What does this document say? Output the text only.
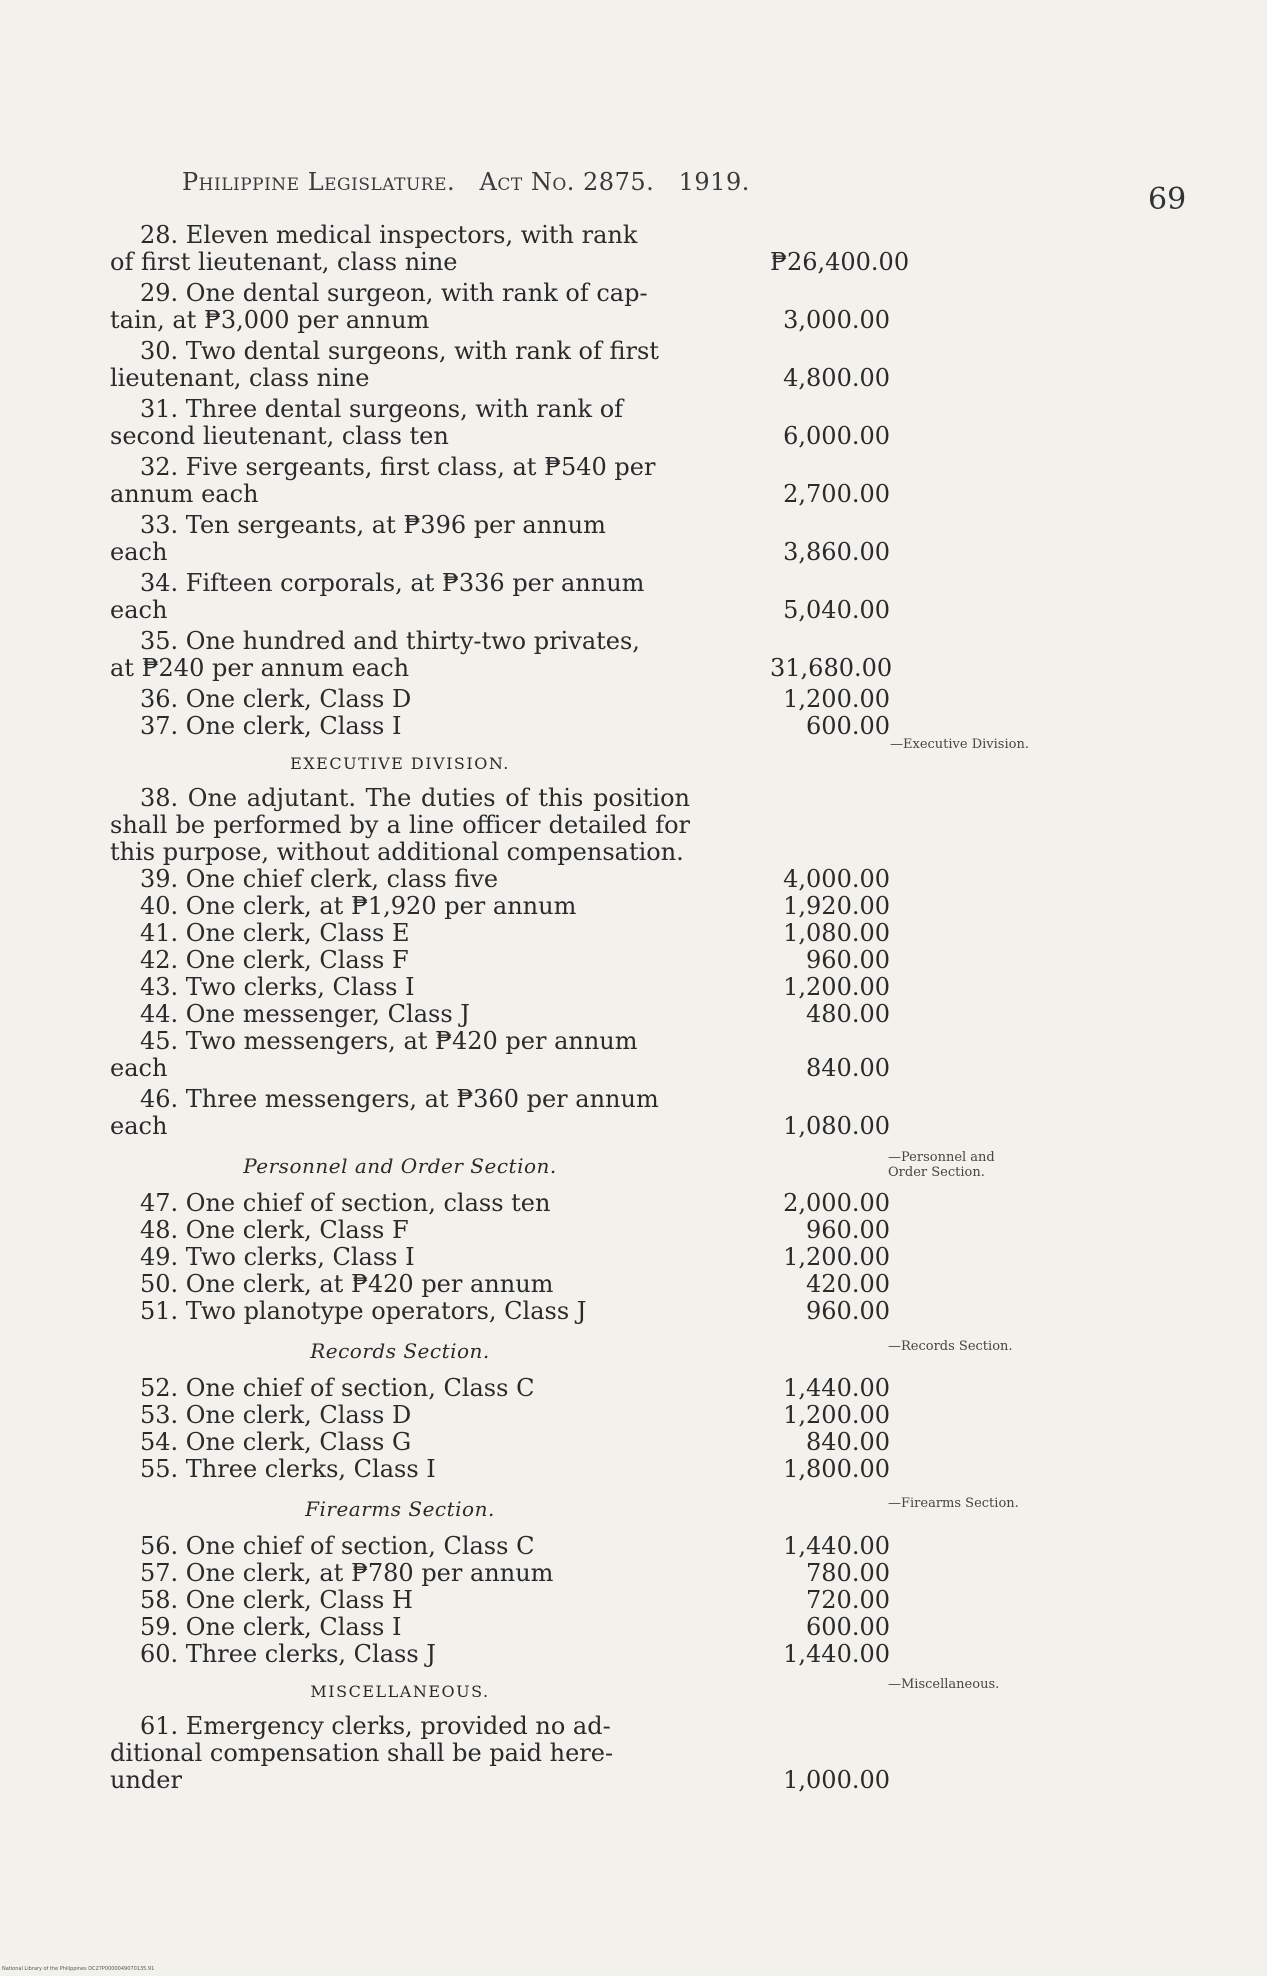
Philippine Legislature. Act No. 2875. 1919.	69
—Executive Division.
—Personnel and
Order Section.
—Records Section.
—Firearms Section.
—Miscellaneous.
28. Eleven medical inspectors, with rank
of first lieutenant, class nine	₱26,400.00
29. One dental surgeon, with rank of cap-
tain, at ₱3,000 per annum	3,000.00
30. Two dental surgeons, with rank of first
lieutenant, class nine	4,800.00
31. Three dental surgeons, with rank of
second lieutenant, class ten	6,000.00
32. Five sergeants, first class, at ₱540 per
annum each	2,700.00
33. Ten sergeants, at ₱396 per annum
each	3,860.00
34. Fifteen corporals, at ₱336 per annum
each	5,040.00
35. One hundred and thirty-two privates,
at ₱240 per annum each	31,680.00
36. One clerk, Class D	1,200.00
37. One clerk, Class I	600.00
EXECUTIVE DIVISION.
38. One adjutant. The duties of this position shall be performed by a line officer detailed for this purpose, without additional compensation.
39. One chief clerk, class five	4,000.00
40. One clerk, at ₱1,920 per annum	1,920.00
41. One clerk, Class E	1,080.00
42. One clerk, Class F	960.00
43. Two clerks, Class I	1,200.00
44. One messenger, Class J	480.00
45. Two messengers, at ₱420 per annum
each	840.00
46. Three messengers, at ₱360 per annum
each	1,080.00
Personnel and Order Section.
47. One chief of section, class ten	2,000.00
48. One clerk, Class F	960.00
49. Two clerks, Class I	1,200.00
50. One clerk, at ₱420 per annum	420.00
51. Two planotype operators, Class J	960.00
Records Section.
52. One chief of section, Class C	1,440.00
53. One clerk, Class D	1,200.00
54. One clerk, Class G	840.00
55. Three clerks, Class I	1,800.00
Firearms Section.
56. One chief of section, Class C	1,440.00
57. One clerk, at ₱780 per annum	780.00
58. One clerk, Class H	720.00
59. One clerk, Class I	600.00
60. Three clerks, Class J	1,440.00
MISCELLANEOUS.
61. Emergency clerks, provided no ad-
ditional compensation shall be paid here-
under	1,000.00
National Library of the Philippines DC27P0000049070135.91
